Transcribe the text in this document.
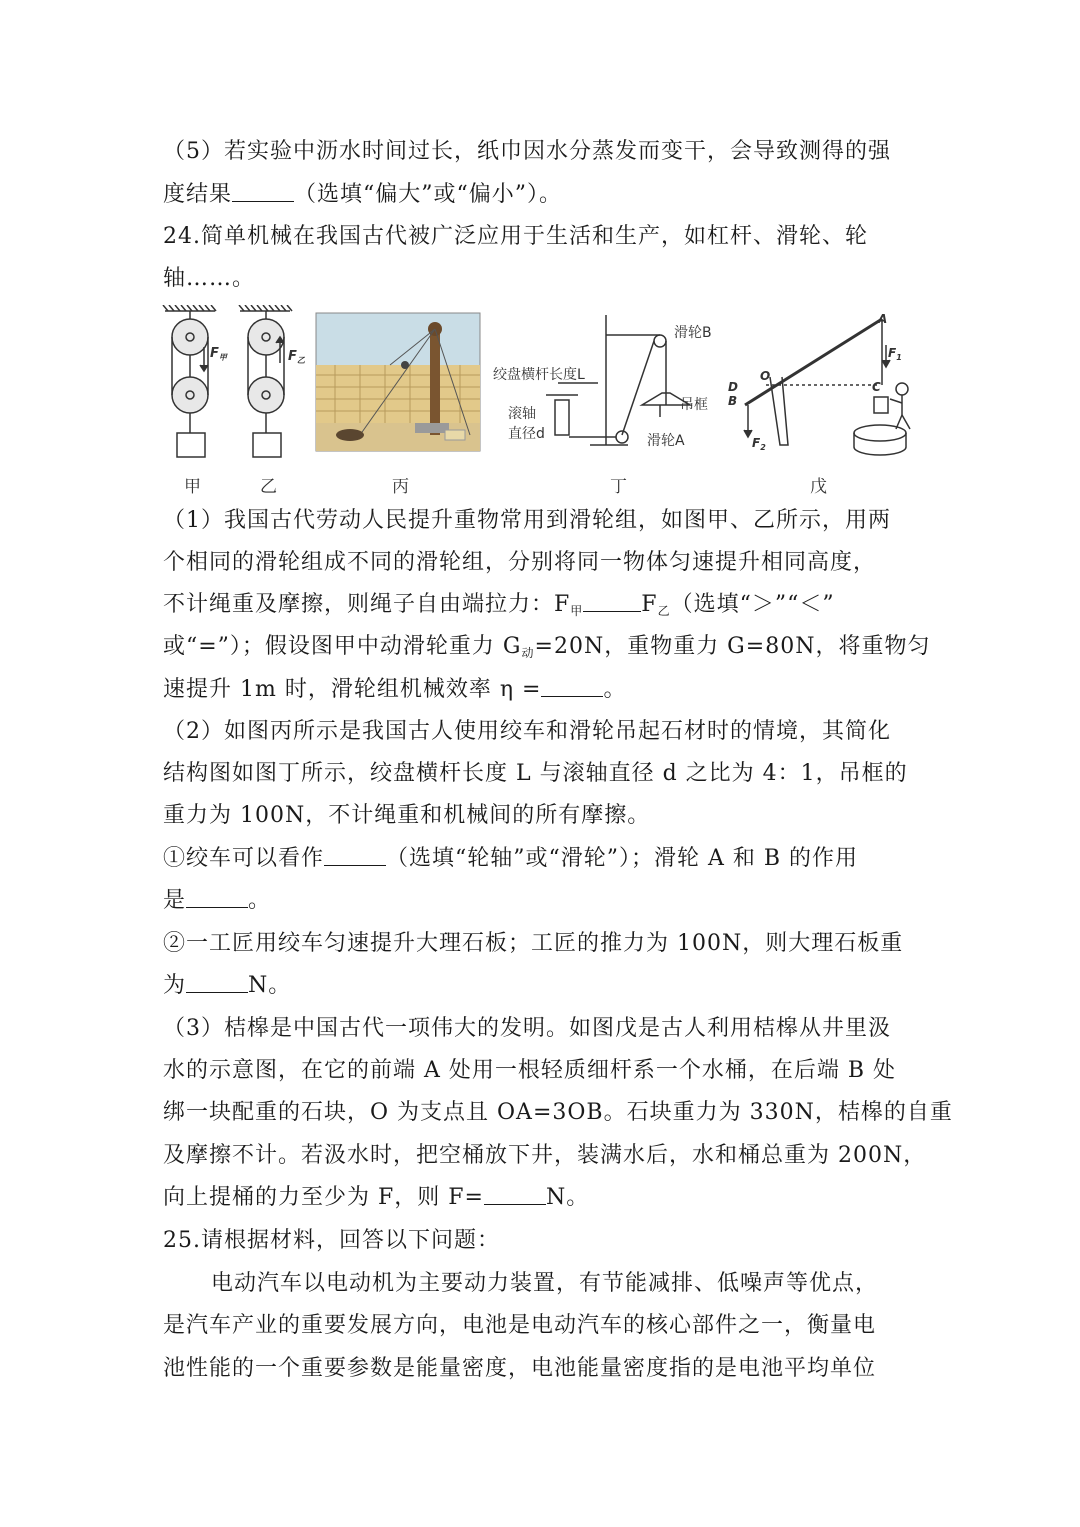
（5）若实验中沥水时间过长，纸巾因水分蒸发而变干，会导致测得的强
度结果	（选填“偏大”或“偏小”）。
24.简单机械在我国古代被广泛应用于生活和生产，如杠杆、滑轮、轮
轴……。
$F_甲$	$F_乙$
绞盘横杆长度L
滚轴
直径d
滑轮B
吊框
滑轮A
A
$F_1$
O
D
B
C
$F_2$
甲	乙	丙	丁	戊
（1）我国古代劳动人民提升重物常用到滑轮组，如图甲、乙所示，用两
个相同的滑轮组成不同的滑轮组，分别将同一物体匀速提升相同高度，
不计绳重及摩擦，则绳子自由端拉力：$F_甲$	$F_乙$（选填“＞”“＜”
或“=”）；假设图甲中动滑轮重力 $G_动=20N$，重物重力 G=80N，将重物匀
速提升 1m 时，滑轮组机械效率 η =	。
（2）如图丙所示是我国古人使用绞车和滑轮吊起石材时的情境，其简化
结构图如图丁所示，绞盘横杆长度 L 与滚轴直径 d 之比为 4：1，吊框的
重力为 100N，不计绳重和机械间的所有摩擦。
①绞车可以看作	（选填“轮轴”或“滑轮”）；滑轮 A 和 B 的作用
是	。
②一工匠用绞车匀速提升大理石板；工匠的推力为 100N，则大理石板重
为	N。
（3）桔槔是中国古代一项伟大的发明。如图戊是古人利用桔槔从井里汲
水的示意图，在它的前端 A 处用一根轻质细杆系一个水桶，在后端 B 处
绑一块配重的石块，O 为支点且 OA=3OB。石块重力为 330N，桔槔的自重
及摩擦不计。若汲水时，把空桶放下井，装满水后，水和桶总重为 200N，
向上提桶的力至少为 F，则 F=	N。
25.请根据材料，回答以下问题：
电动汽车以电动机为主要动力装置，有节能减排、低噪声等优点，
是汽车产业的重要发展方向，电池是电动汽车的核心部件之一，衡量电
池性能的一个重要参数是能量密度，电池能量密度指的是电池平均单位
